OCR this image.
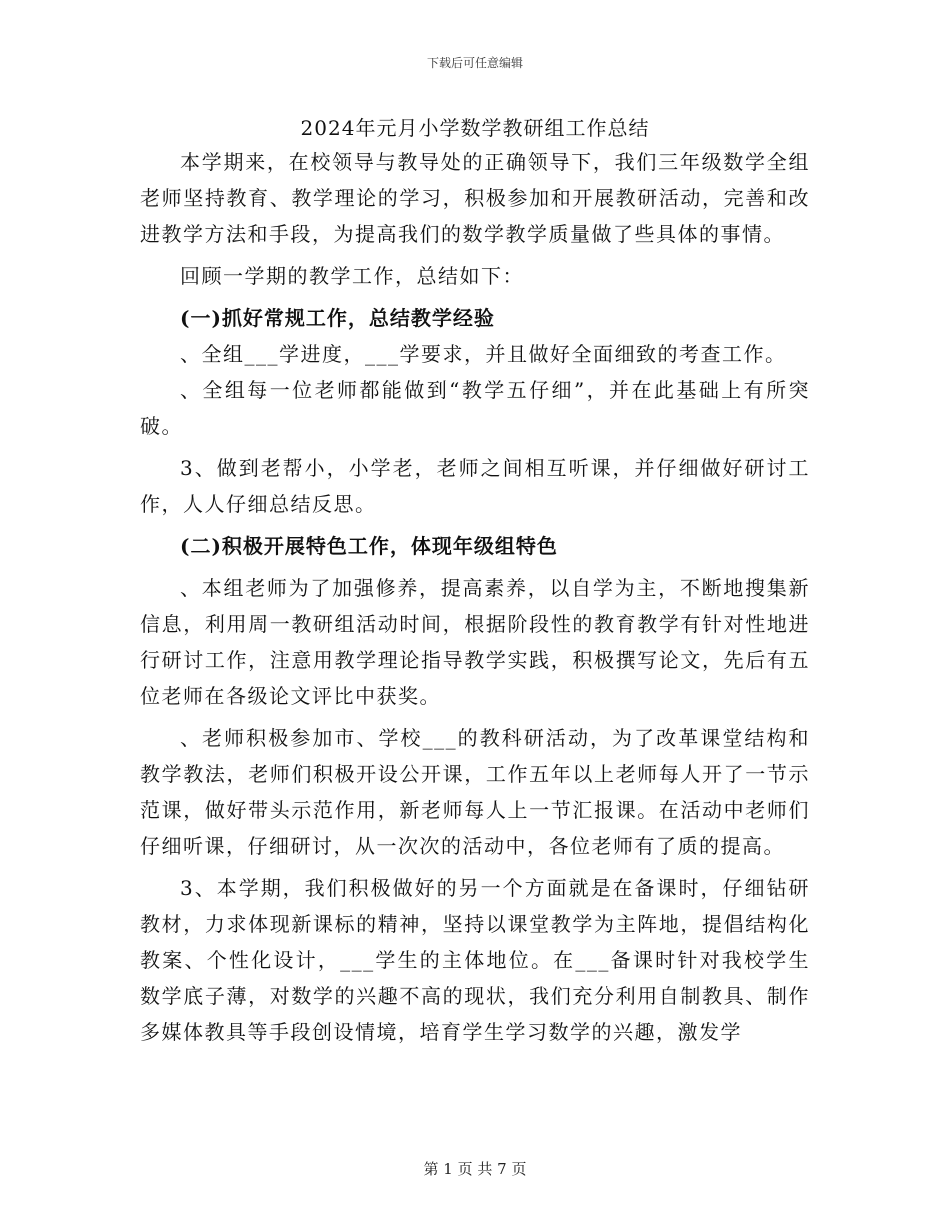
下载后可任意编辑
2024年元月小学数学教研组工作总结

本学期来，在校领导与教导处的正确领导下，我们三年级数学全组老师坚持教育、教学理论的学习，积极参加和开展教研活动，完善和改进教学方法和手段，为提高我们的数学教学质量做了些具体的事情。

回顾一学期的教学工作，总结如下：

(一)抓好常规工作，总结教学经验

、全组___学进度，___学要求，并且做好全面细致的考查工作。

、全组每一位老师都能做到“教学五仔细”，并在此基础上有所突破。

3、做到老帮小，小学老，老师之间相互听课，并仔细做好研讨工作，人人仔细总结反思。

(二)积极开展特色工作，体现年级组特色

、本组老师为了加强修养，提高素养，以自学为主，不断地搜集新信息，利用周一教研组活动时间，根据阶段性的教育教学有针对性地进行研讨工作，注意用教学理论指导教学实践，积极撰写论文，先后有五位老师在各级论文评比中获奖。

、老师积极参加市、学校___的教科研活动，为了改革课堂结构和教学教法，老师们积极开设公开课，工作五年以上老师每人开了一节示范课，做好带头示范作用，新老师每人上一节汇报课。在活动中老师们仔细听课，仔细研讨，从一次次的活动中，各位老师有了质的提高。

3、本学期，我们积极做好的另一个方面就是在备课时，仔细钻研教材，力求体现新课标的精神，坚持以课堂教学为主阵地，提倡结构化教案、个性化设计，___学生的主体地位。在___备课时针对我校学生数学底子薄，对数学的兴趣不高的现状，我们充分利用自制教具、制作多媒体教具等手段创设情境，培育学生学习数学的兴趣，激发学

第 1 页 共 7 页
